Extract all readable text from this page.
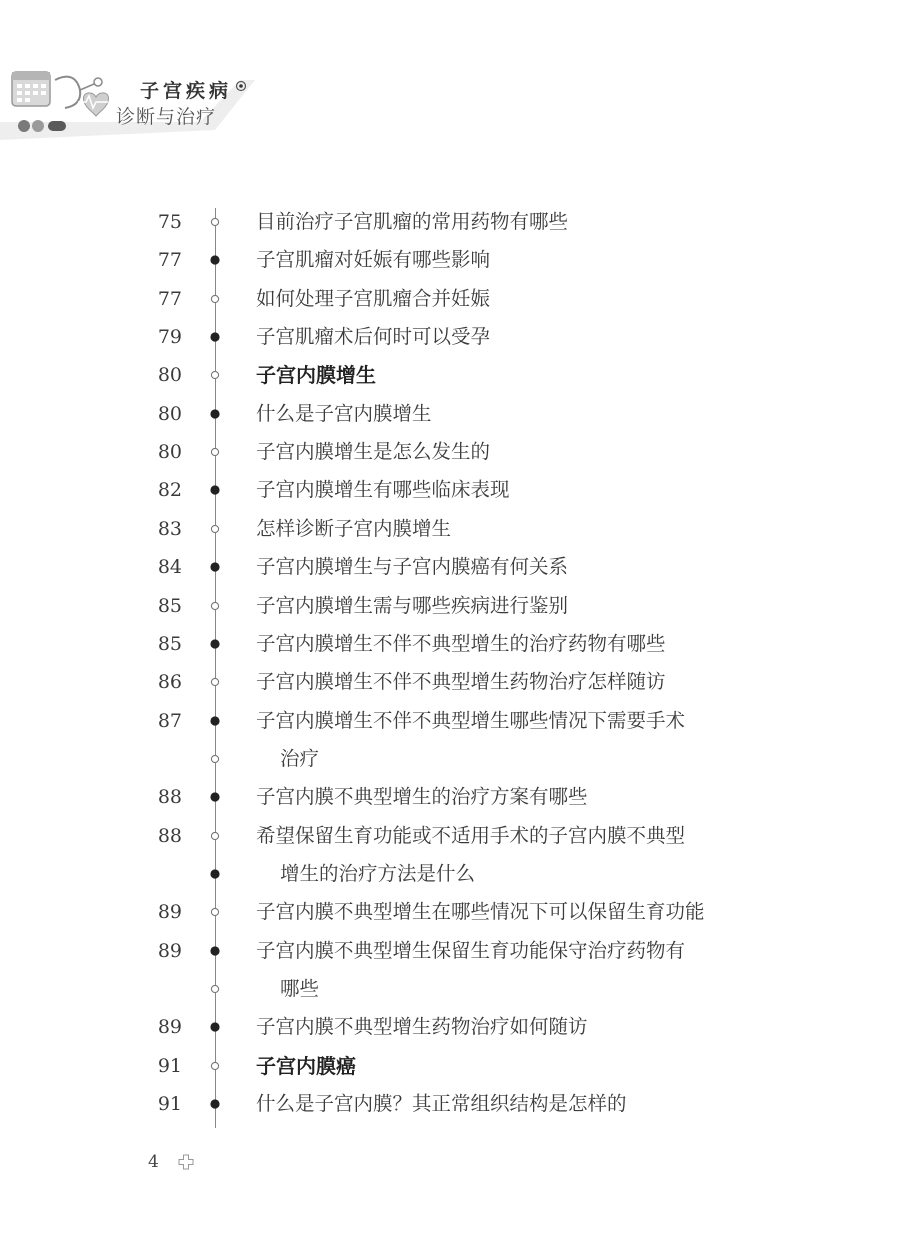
子宫疾病
诊断与治疗
75	目前治疗子宫肌瘤的常用药物有哪些
77	子宫肌瘤对妊娠有哪些影响
77	如何处理子宫肌瘤合并妊娠
79	子宫肌瘤术后何时可以受孕
80	子宫内膜增生
80	什么是子宫内膜增生
80	子宫内膜增生是怎么发生的
82	子宫内膜增生有哪些临床表现
83	怎样诊断子宫内膜增生
84	子宫内膜增生与子宫内膜癌有何关系
85	子宫内膜增生需与哪些疾病进行鉴别
85	子宫内膜增生不伴不典型增生的治疗药物有哪些
86	子宫内膜增生不伴不典型增生药物治疗怎样随访
87	子宫内膜增生不伴不典型增生哪些情况下需要手术
治疗
88	子宫内膜不典型增生的治疗方案有哪些
88	希望保留生育功能或不适用手术的子宫内膜不典型
增生的治疗方法是什么
89	子宫内膜不典型增生在哪些情况下可以保留生育功能
89	子宫内膜不典型增生保留生育功能保守治疗药物有
哪些
89	子宫内膜不典型增生药物治疗如何随访
91	子宫内膜癌
91	什么是子宫内膜？其正常组织结构是怎样的
4
